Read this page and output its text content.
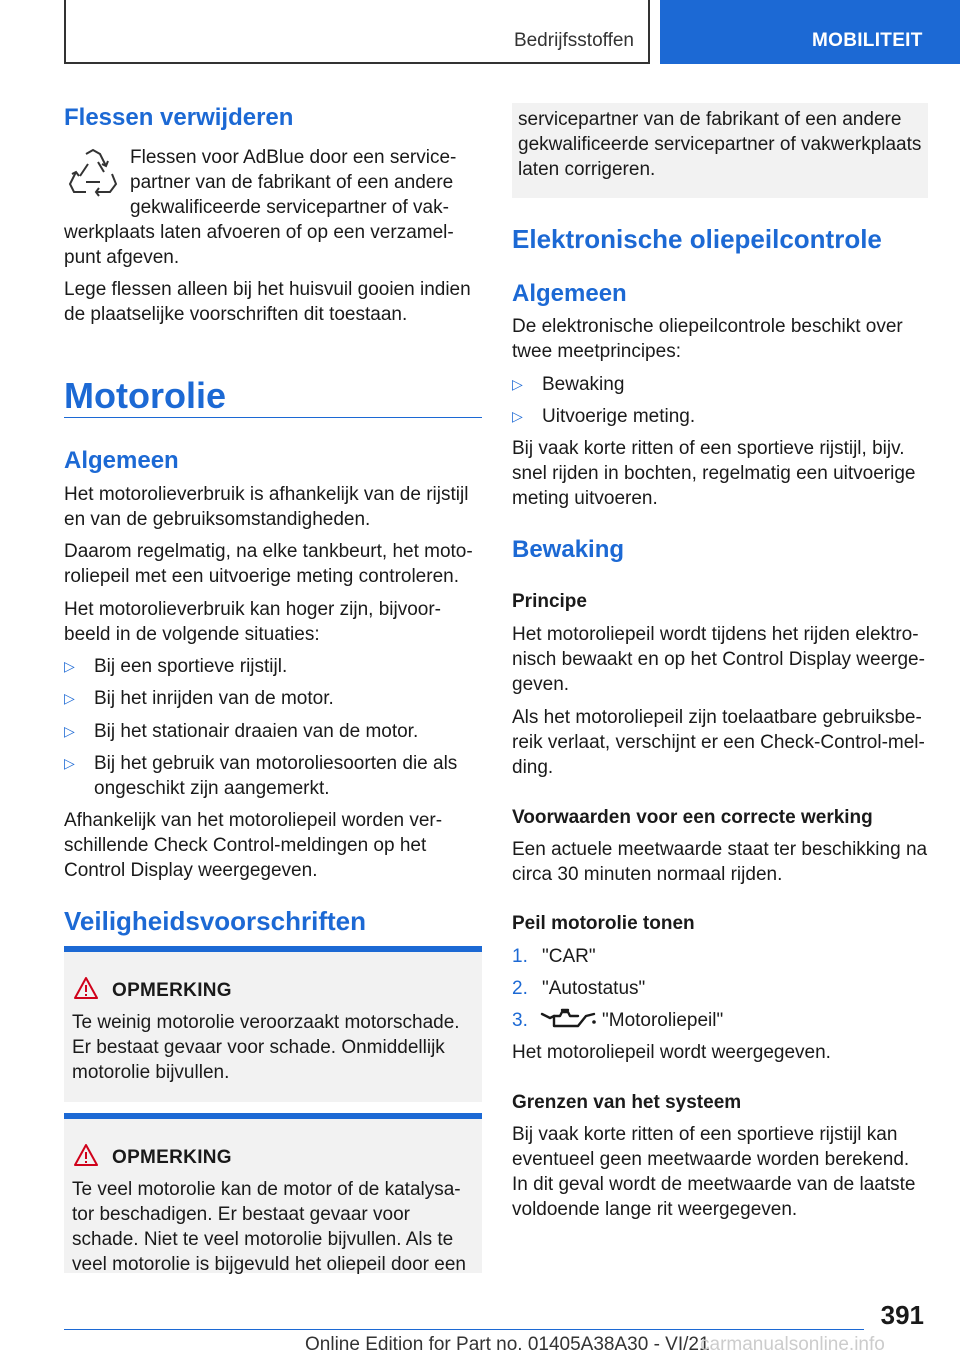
Bedrijfsstoffen	MOBILITEIT
Flessen verwijderen
Flessen voor AdBlue door een service-
partner van de fabrikant of een andere
gekwalificeerde servicepartner of vak-
werkplaats laten afvoeren of op een verzamel-
punt afgeven.
Lege flessen alleen bij het huisvuil gooien indien de plaatselijke voorschriften dit toestaan.
Motorolie
Algemeen
Het motorolieverbruik is afhankelijk van de rijstijl en van de gebruiksomstandigheden.
Daarom regelmatig, na elke tankbeurt, het moto-roliepeil met een uitvoerige meting controleren.
Het motorolieverbruik kan hoger zijn, bijvoor-beeld in de volgende situaties:
▷ Bij een sportieve rijstijl.
▷ Bij het inrijden van de motor.
▷ Bij het stationair draaien van de motor.
▷ Bij het gebruik van motoroliesoorten die als ongeschikt zijn aangemerkt.
Afhankelijk van het motoroliepeil worden ver-schillende Check Control-meldingen op het Control Display weergegeven.
Veiligheidsvoorschriften
OPMERKING
Te weinig motorolie veroorzaakt motorschade. Er bestaat gevaar voor schade. Onmiddellijk motorolie bijvullen.
OPMERKING
Te veel motorolie kan de motor of de katalysa-tor beschadigen. Er bestaat gevaar voor schade. Niet te veel motorolie bijvullen. Als te veel motorolie is bijgevuld het oliepeil door een
servicepartner van de fabrikant of een andere gekwalificeerde servicepartner of vakwerkplaats laten corrigeren.
Elektronische oliepeilcontrole
Algemeen
De elektronische oliepeilcontrole beschikt over twee meetprincipes:
▷ Bewaking
▷ Uitvoerige meting.
Bij vaak korte ritten of een sportieve rijstijl, bijv. snel rijden in bochten, regelmatig een uitvoerige meting uitvoeren.
Bewaking
Principe
Het motoroliepeil wordt tijdens het rijden elektro-nisch bewaakt en op het Control Display weerge-geven.
Als het motoroliepeil zijn toelaatbare gebruiksbe-reik verlaat, verschijnt er een Check-Control-mel-ding.
Voorwaarden voor een correcte werking
Een actuele meetwaarde staat ter beschikking na circa 30 minuten normaal rijden.
Peil motorolie tonen
1. "CAR"
2. "Autostatus"
3.	"Motoroliepeil"
Het motoroliepeil wordt weergegeven.
Grenzen van het systeem
Bij vaak korte ritten of een sportieve rijstijl kan eventueel geen meetwaarde worden berekend. In dit geval wordt de meetwaarde van de laatste voldoende lange rit weergegeven.
391
Online Edition for Part no. 01405A38A30 - VI/21
carmanualsonline.info
